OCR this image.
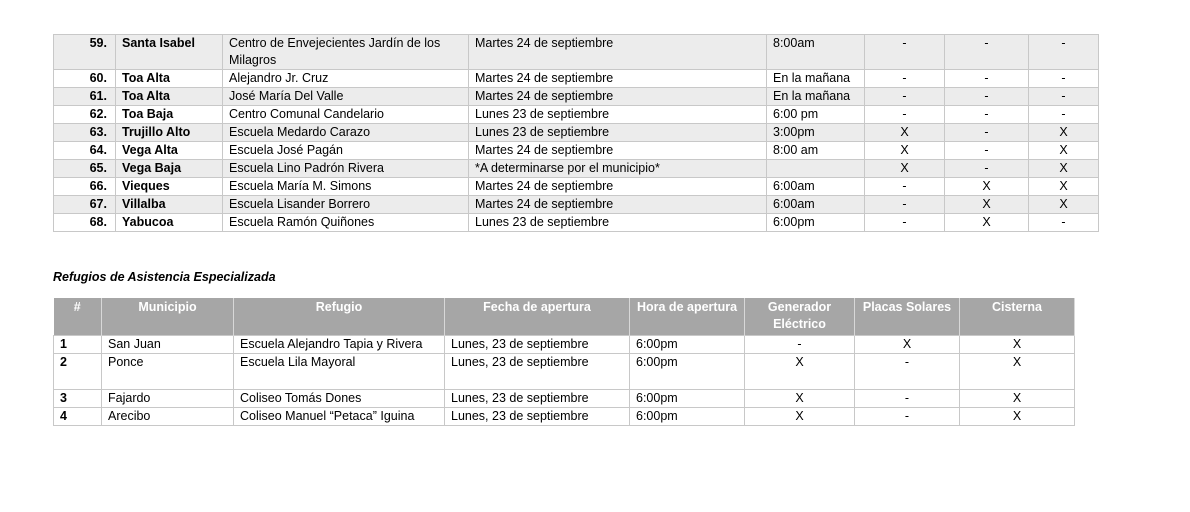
59.	Santa Isabel	Centro de Envejecientes Jardín de los Milagros	Martes 24 de septiembre	8:00am	-	-	-
60.	Toa Alta	Alejandro Jr. Cruz	Martes 24 de septiembre	En la mañana	-	-	-
61.	Toa Alta	José María Del Valle	Martes 24 de septiembre	En la mañana	-	-	-
62.	Toa Baja	Centro Comunal Candelario	Lunes 23 de septiembre	6:00 pm	-	-	-
63.	Trujillo Alto	Escuela Medardo Carazo	Lunes 23 de septiembre	3:00pm	X	-	X
64.	Vega Alta	Escuela José Pagán	Martes 24 de septiembre	8:00 am	X	-	X
65.	Vega Baja	Escuela Lino Padrón Rivera	*A determinarse por el municipio*		X	-	X
66.	Vieques	Escuela María M. Simons	Martes 24 de septiembre	6:00am	-	X	X
67.	Villalba	Escuela Lisander Borrero	Martes 24 de septiembre	6:00am	-	X	X
68.	Yabucoa	Escuela Ramón Quiñones	Lunes 23 de septiembre	6:00pm	-	X	-

Refugios de Asistencia Especializada

#	Municipio	Refugio	Fecha de apertura	Hora de apertura	Generador Eléctrico	Placas Solares	Cisterna
1	San Juan	Escuela Alejandro Tapia y Rivera	Lunes, 23 de septiembre	6:00pm	-	X	X
2	Ponce	Escuela Lila Mayoral	Lunes, 23 de septiembre	6:00pm	X	-	X
3	Fajardo	Coliseo Tomás Dones	Lunes, 23 de septiembre	6:00pm	X	-	X
4	Arecibo	Coliseo Manuel “Petaca” Iguina	Lunes, 23 de septiembre	6:00pm	X	-	X
